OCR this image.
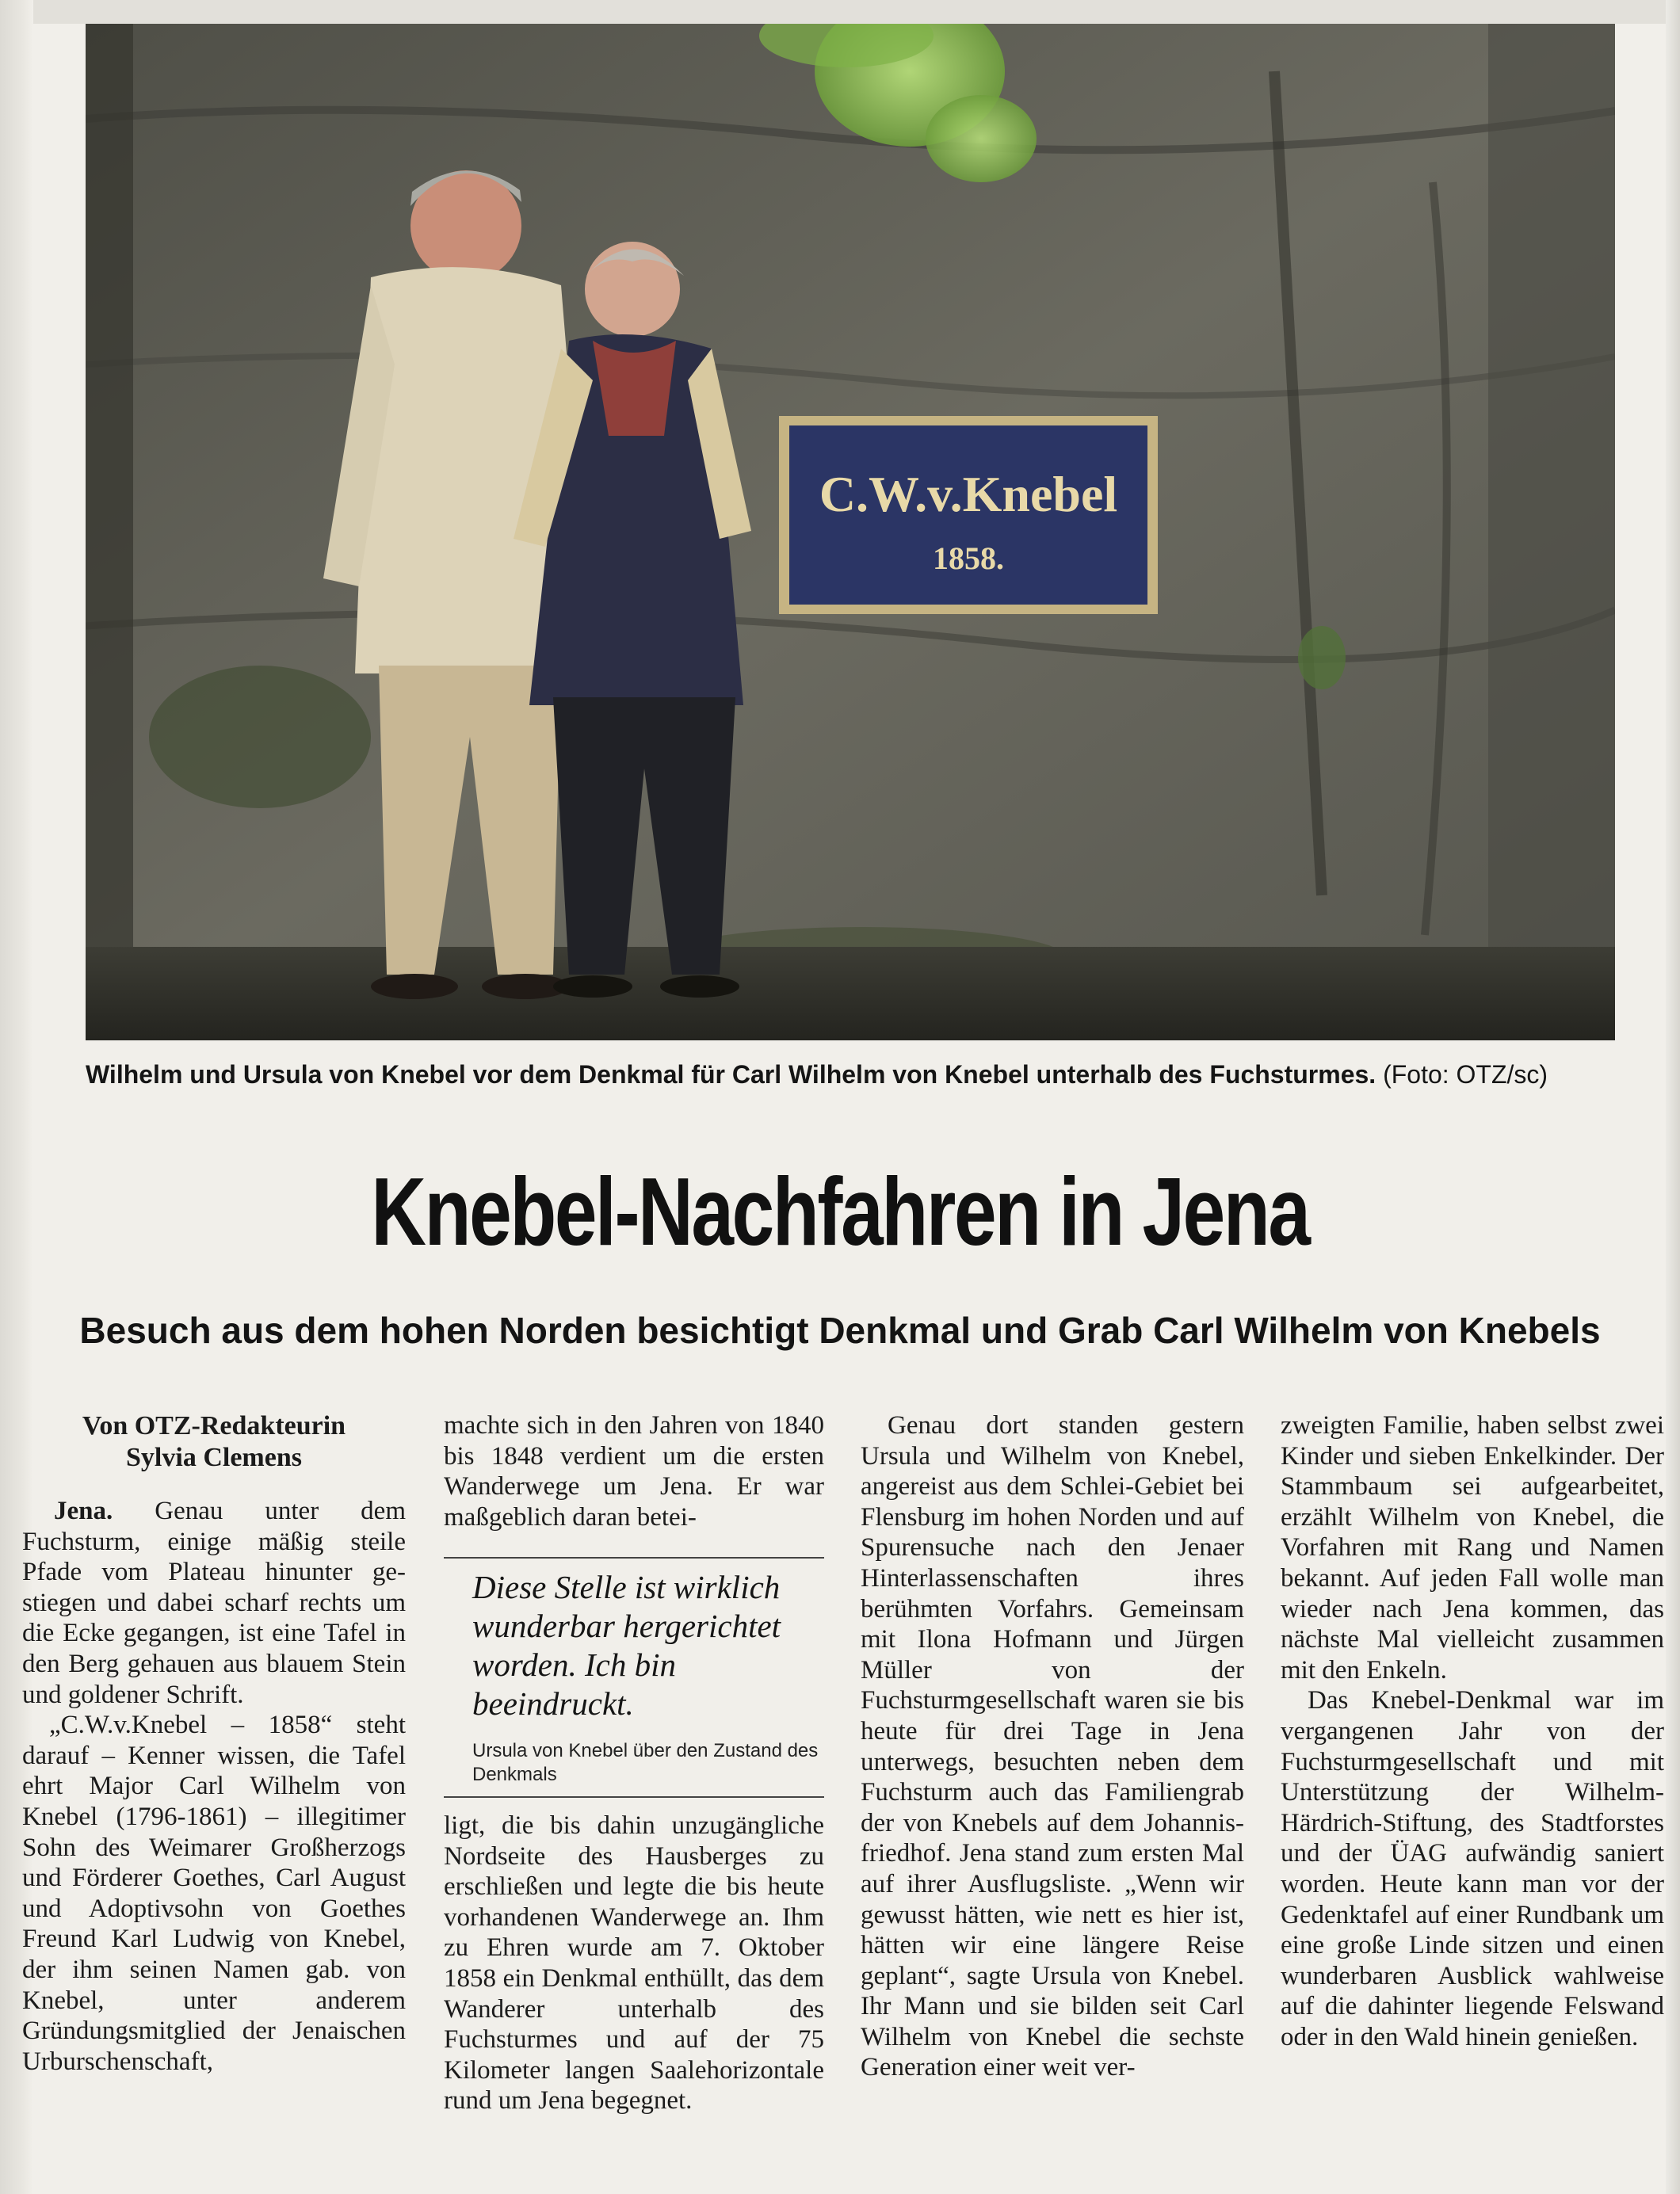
C.W.v.Knebel
1858.
Wilhelm und Ursula von Knebel vor dem Denkmal für Carl Wilhelm von Knebel unterhalb des Fuchsturmes. (Foto: OTZ/sc)
Knebel-Nachfahren in Jena
Besuch aus dem hohen Norden besichtigt Denkmal und Grab Carl Wilhelm von Knebels
Von OTZ-Redakteurin
Sylvia Clemens

Jena. Genau unter dem Fuchsturm, einige mäßig steile Pfade vom Plateau hinunter gestiegen und dabei scharf rechts um die Ecke gegangen, ist eine Tafel in den Berg gehauen aus blauem Stein und goldener Schrift.

„C.W.v.Knebel – 1858“ steht darauf – Kenner wissen, die Tafel ehrt Major Carl Wilhelm von Knebel (1796-1861) – illegitimer Sohn des Weimarer Großherzogs und Förderer Goethes, Carl August und Adoptivsohn von Goethes Freund Karl Ludwig von Knebel, der ihm seinen Namen gab. von Knebel, unter anderem Gründungsmitglied der Jenaischen Urburschenschaft,

machte sich in den Jahren von 1840 bis 1848 verdient um die ersten Wanderwege um Jena. Er war maßgeblich daran betei-

Diese Stelle ist wirklich wunderbar hergerichtet worden. Ich bin beeindruckt.
Ursula von Knebel über den Zustand des Denkmals

ligt, die bis dahin unzugängliche Nordseite des Hausberges zu erschließen und legte die bis heute vorhandenen Wanderwege an. Ihm zu Ehren wurde am 7. Oktober 1858 ein Denkmal enthüllt, das dem Wanderer unterhalb des Fuchsturmes und auf der 75 Kilometer langen Saalehorizontale rund um Jena begegnet.

Genau dort standen gestern Ursula und Wilhelm von Knebel, angereist aus dem Schlei-Gebiet bei Flensburg im hohen Norden und auf Spurensuche nach den Jenaer Hinterlassenschaften ihres berühmten Vorfahrs. Gemeinsam mit Ilona Hofmann und Jürgen Müller von der Fuchsturmgesellschaft waren sie bis heute für drei Tage in Jena unterwegs, besuchten neben dem Fuchsturm auch das Familiengrab der von Knebels auf dem Johannisfriedhof. Jena stand zum ersten Mal auf ihrer Ausflugsliste. „Wenn wir gewusst hätten, wie nett es hier ist, hätten wir eine längere Reise geplant“, sagte Ursula von Knebel. Ihr Mann und sie bilden seit Carl Wilhelm von Knebel die sechste Generation einer weit ver-

zweigten Familie, haben selbst zwei Kinder und sieben Enkelkinder. Der Stammbaum sei aufgearbeitet, erzählt Wilhelm von Knebel, die Vorfahren mit Rang und Namen bekannt. Auf jeden Fall wolle man wieder nach Jena kommen, das nächste Mal vielleicht zusammen mit den Enkeln.

Das Knebel-Denkmal war im vergangenen Jahr von der Fuchsturmgesellschaft und mit Unterstützung der Wilhelm-Härdrich-Stiftung, des Stadtforstes und der ÜAG aufwändig saniert worden. Heute kann man vor der Gedenktafel auf einer Rundbank um eine große Linde sitzen und einen wunderbaren Ausblick wahlweise auf die dahinter liegende Felswand oder in den Wald hinein genießen.
